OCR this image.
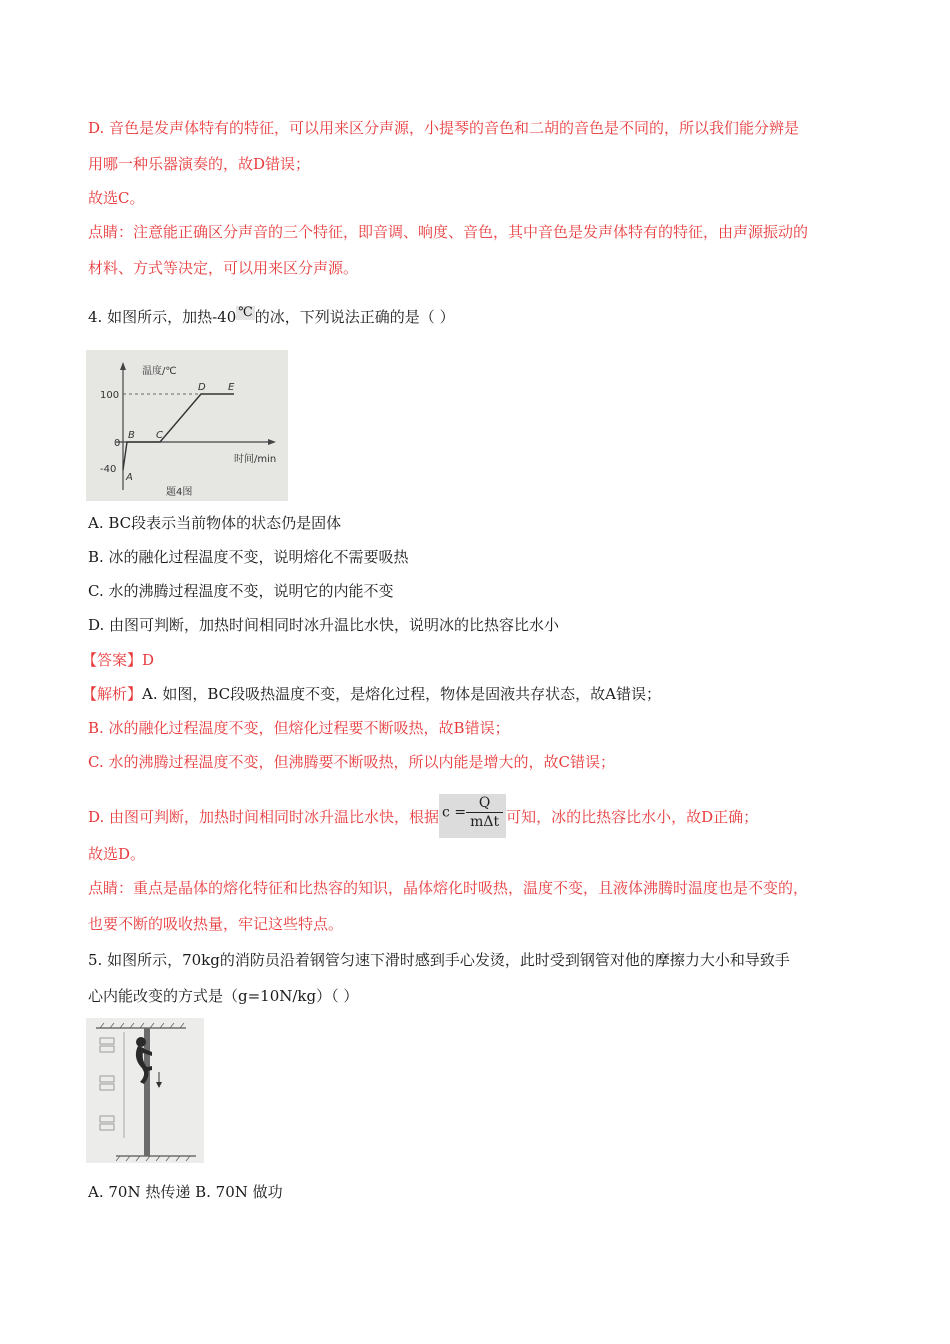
D. 音色是发声体特有的特征，可以用来区分声源，小提琴的音色和二胡的音色是不同的，所以我们能分辨是
用哪一种乐器演奏的，故D错误；
故选C。
点睛：注意能正确区分声音的三个特征，即音调、响度、音色，其中音色是发声体特有的特征，由声源振动的
材料、方式等决定，可以用来区分声源。
4. 如图所示，加热-40 ℃ 的冰，下列说法正确的是（ ）
温度/℃
时间/min
100
0
-40
A
B C
D E
题4图
A. BC段表示当前物体的状态仍是固体
B. 冰的融化过程温度不变，说明熔化不需要吸热
C. 水的沸腾过程温度不变，说明它的内能不变
D. 由图可判断，加热时间相同时冰升温比水快，说明冰的比热容比水小
【答案】D
【解析】A. 如图，BC段吸热温度不变，是熔化过程，物体是固液共存状态，故A错误；
B. 冰的融化过程温度不变，但熔化过程要不断吸热，故B错误；
C. 水的沸腾过程温度不变，但沸腾要不断吸热，所以内能是增大的，故C错误；
D. 由图可判断，加热时间相同时冰升温比水快，根据 $c = \frac{Q}{\text{mΔt}}$ 可知，冰的比热容比水小，故D正确；
故选D。
点睛：重点是晶体的熔化特征和比热容的知识，晶体熔化时吸热，温度不变，且液体沸腾时温度也是不变的，
也要不断的吸收热量，牢记这些特点。
5. 如图所示，70kg的消防员沿着钢管匀速下滑时感到手心发烫，此时受到钢管对他的摩擦力大小和导致手
心内能改变的方式是（g=10N/kg）（ ）
A. 70N 热传递 B. 70N 做功
